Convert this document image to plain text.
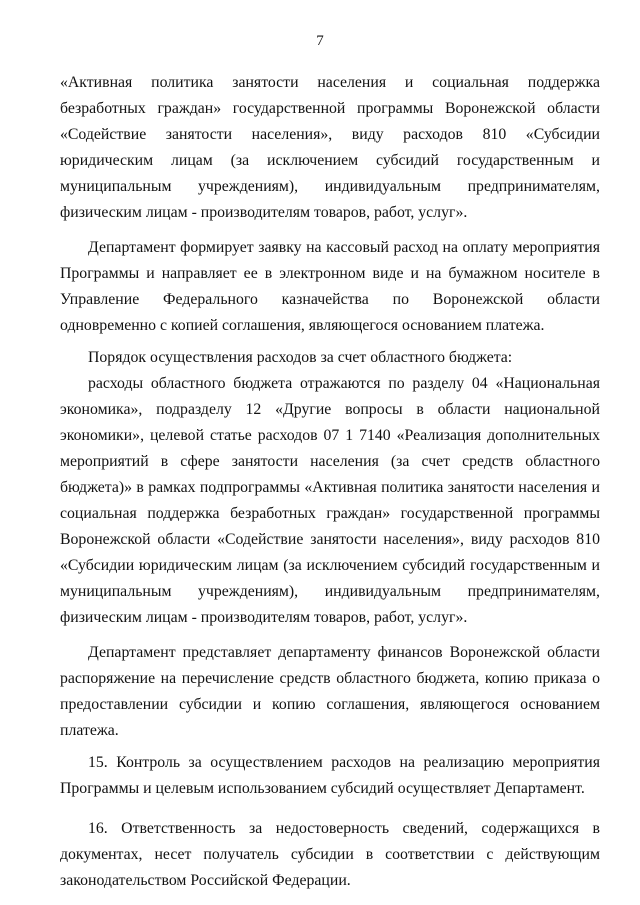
7

«Активная политика занятости населения и социальная поддержка безработных граждан» государственной программы Воронежской области «Содействие занятости населения», виду расходов 810 «Субсидии юридическим лицам (за исключением субсидий государственным и муниципальным учреждениям), индивидуальным предпринимателям, физическим лицам - производителям товаров, работ, услуг».

Департамент формирует заявку на кассовый расход на оплату мероприятия Программы и направляет ее в электронном виде и на бумажном носителе в Управление Федерального казначейства по Воронежской области одновременно с копией соглашения, являющегося основанием платежа.

Порядок осуществления расходов за счет областного бюджета:

расходы областного бюджета отражаются по разделу 04 «Национальная экономика», подразделу 12 «Другие вопросы в области национальной экономики», целевой статье расходов 07 1 7140 «Реализация дополнительных мероприятий в сфере занятости населения (за счет средств областного бюджета)» в рамках подпрограммы «Активная политика занятости населения и социальная поддержка безработных граждан» государственной программы Воронежской области «Содействие занятости населения», виду расходов 810 «Субсидии юридическим лицам (за исключением субсидий государственным и муниципальным учреждениям), индивидуальным предпринимателям, физическим лицам - производителям товаров, работ, услуг».

Департамент представляет департаменту финансов Воронежской области распоряжение на перечисление средств областного бюджета, копию приказа о предоставлении субсидии и копию соглашения, являющегося основанием платежа.

15. Контроль за осуществлением расходов на реализацию мероприятия Программы и целевым использованием субсидий осуществляет Департамент.

16. Ответственность за недостоверность сведений, содержащихся в документах, несет получатель субсидии в соответствии с действующим законодательством Российской Федерации.
